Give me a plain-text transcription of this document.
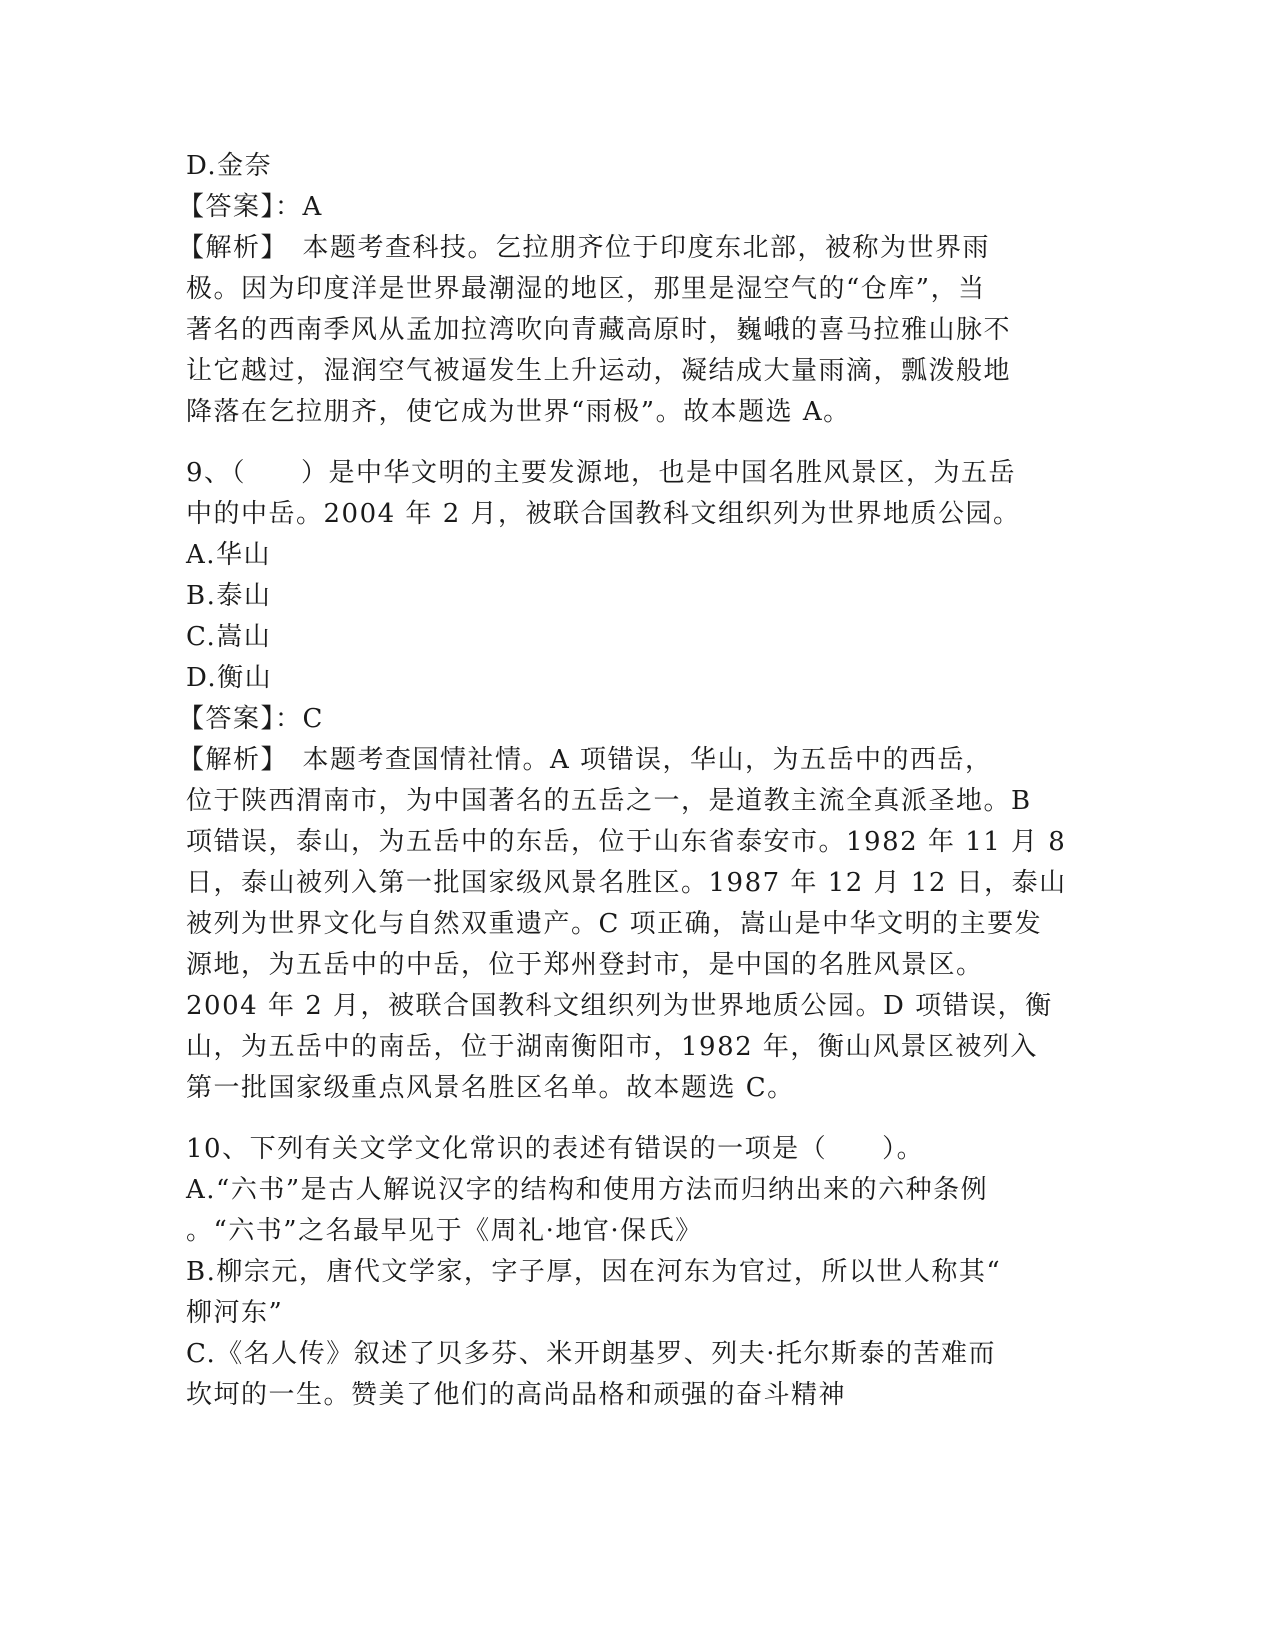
D.金奈
【答案】：A
【解析】　本题考查科技。乞拉朋齐位于印度东北部，被称为世界雨
极。因为印度洋是世界最潮湿的地区，那里是湿空气的“仓库”，当
著名的西南季风从孟加拉湾吹向青藏高原时，巍峨的喜马拉雅山脉不
让它越过，湿润空气被逼发生上升运动，凝结成大量雨滴，瓢泼般地
降落在乞拉朋齐，使它成为世界“雨极”。故本题选 A。
9、（　　）是中华文明的主要发源地，也是中国名胜风景区，为五岳
中的中岳。2004 年 2 月，被联合国教科文组织列为世界地质公园。
A.华山
B.泰山
C.嵩山
D.衡山
【答案】：C
【解析】　本题考查国情社情。A 项错误，华山，为五岳中的西岳，
位于陕西渭南市，为中国著名的五岳之一，是道教主流全真派圣地。B
项错误，泰山，为五岳中的东岳，位于山东省泰安市。1982 年 11 月 8
日，泰山被列入第一批国家级风景名胜区。1987 年 12 月 12 日，泰山
被列为世界文化与自然双重遗产。C 项正确，嵩山是中华文明的主要发
源地，为五岳中的中岳，位于郑州登封市，是中国的名胜风景区。
2004 年 2 月，被联合国教科文组织列为世界地质公园。D 项错误，衡
山，为五岳中的南岳，位于湖南衡阳市，1982 年，衡山风景区被列入
第一批国家级重点风景名胜区名单。故本题选 C。
10、下列有关文学文化常识的表述有错误的一项是（　　）。
A.“六书”是古人解说汉字的结构和使用方法而归纳出来的六种条例
。“六书”之名最早见于《周礼·地官·保氏》
B.柳宗元，唐代文学家，字子厚，因在河东为官过，所以世人称其“
柳河东”
C.《名人传》叙述了贝多芬、米开朗基罗、列夫·托尔斯泰的苦难而
坎坷的一生。赞美了他们的高尚品格和顽强的奋斗精神
